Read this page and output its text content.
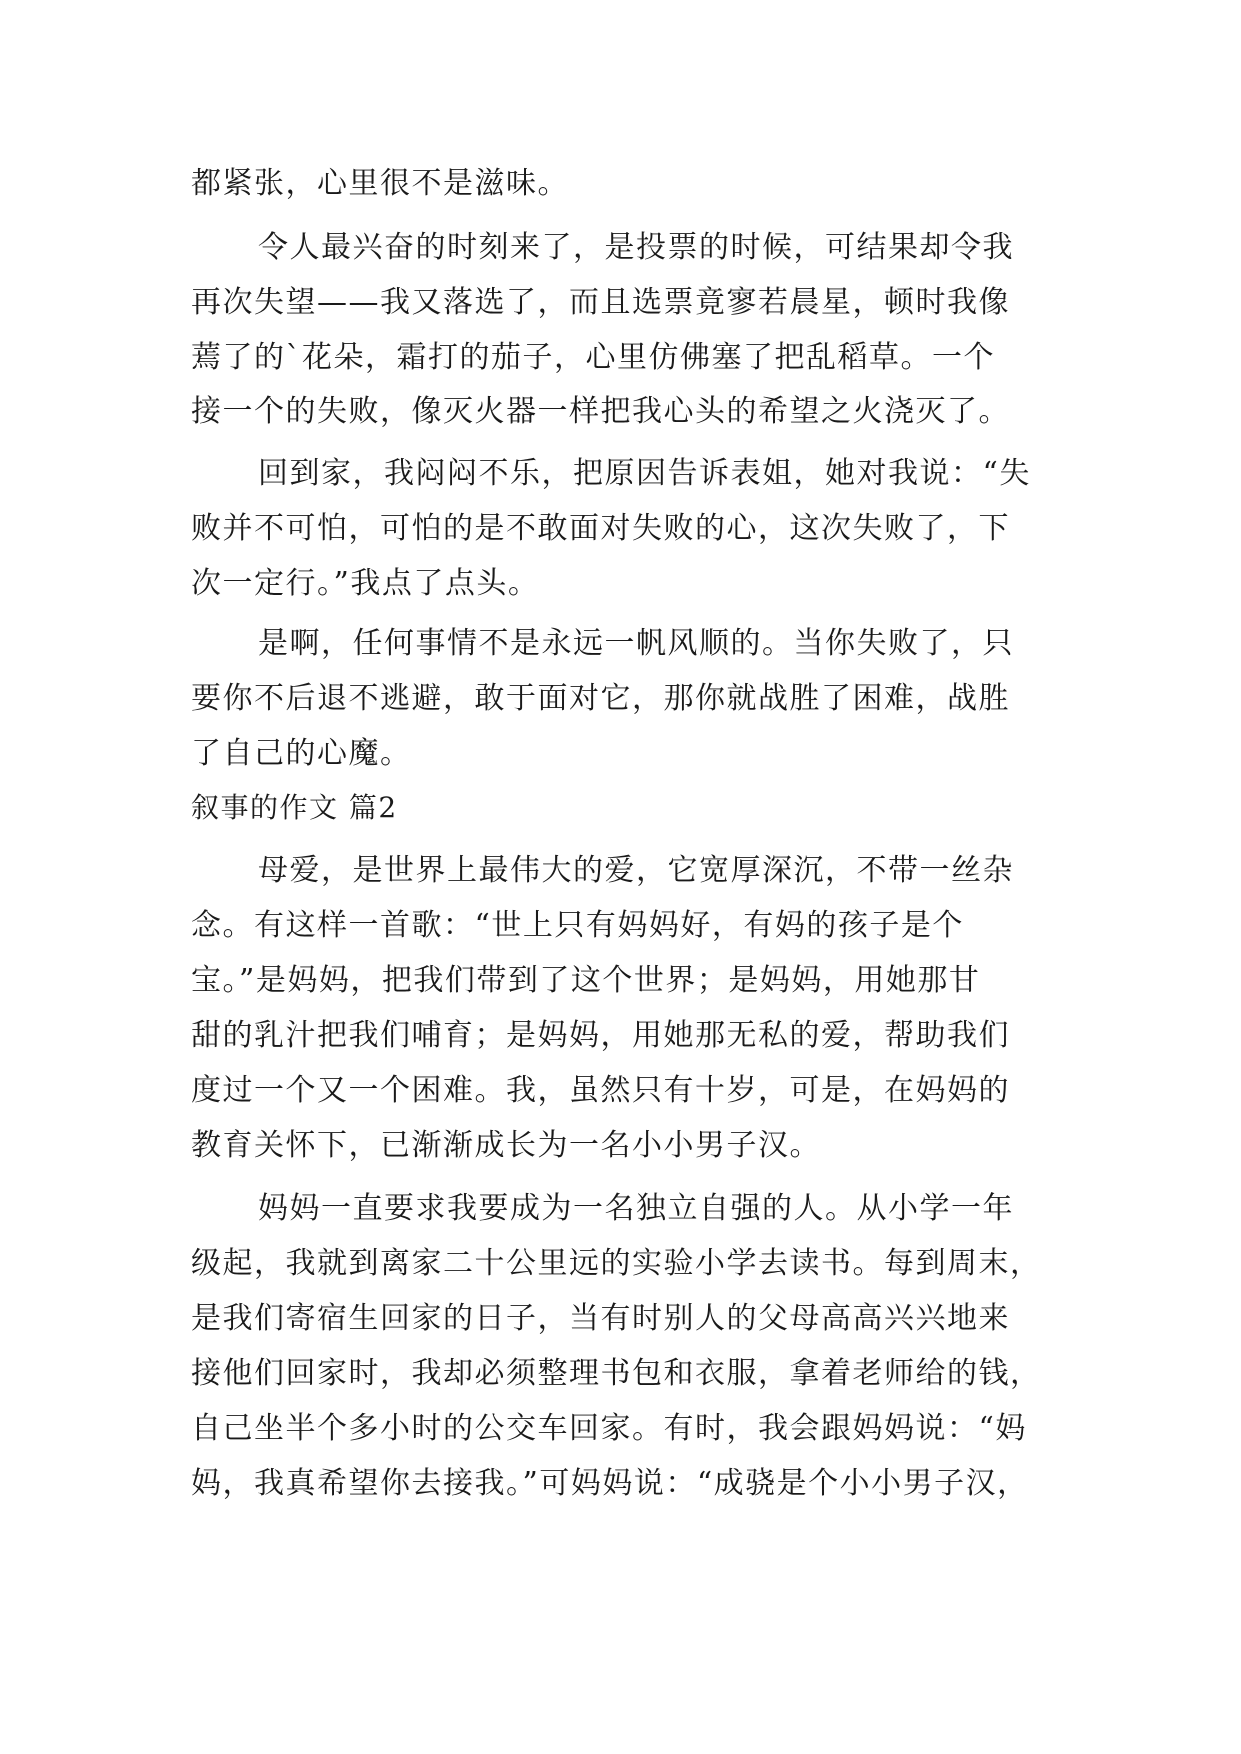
都紧张，心里很不是滋味。
令人最兴奋的时刻来了，是投票的时候，可结果却令我
再次失望——我又落选了，而且选票竟寥若晨星，顿时我像
蔫了的`花朵，霜打的茄子，心里仿佛塞了把乱稻草。一个
接一个的失败，像灭火器一样把我心头的希望之火浇灭了。
回到家，我闷闷不乐，把原因告诉表姐，她对我说：“失
败并不可怕，可怕的是不敢面对失败的心，这次失败了，下
次一定行。”我点了点头。
是啊，任何事情不是永远一帆风顺的。当你失败了，只
要你不后退不逃避，敢于面对它，那你就战胜了困难，战胜
了自己的心魔。
叙事的作文 篇2
母爱，是世界上最伟大的爱，它宽厚深沉，不带一丝杂
念。有这样一首歌：“世上只有妈妈好，有妈的孩子是个
宝。”是妈妈，把我们带到了这个世界；是妈妈，用她那甘
甜的乳汁把我们哺育；是妈妈，用她那无私的爱，帮助我们
度过一个又一个困难。我，虽然只有十岁，可是，在妈妈的
教育关怀下，已渐渐成长为一名小小男子汉。
妈妈一直要求我要成为一名独立自强的人。从小学一年
级起，我就到离家二十公里远的实验小学去读书。每到周末，
是我们寄宿生回家的日子，当有时别人的父母高高兴兴地来
接他们回家时，我却必须整理书包和衣服，拿着老师给的钱，
自己坐半个多小时的公交车回家。有时，我会跟妈妈说：“妈
妈，我真希望你去接我。”可妈妈说：“成骁是个小小男子汉，
